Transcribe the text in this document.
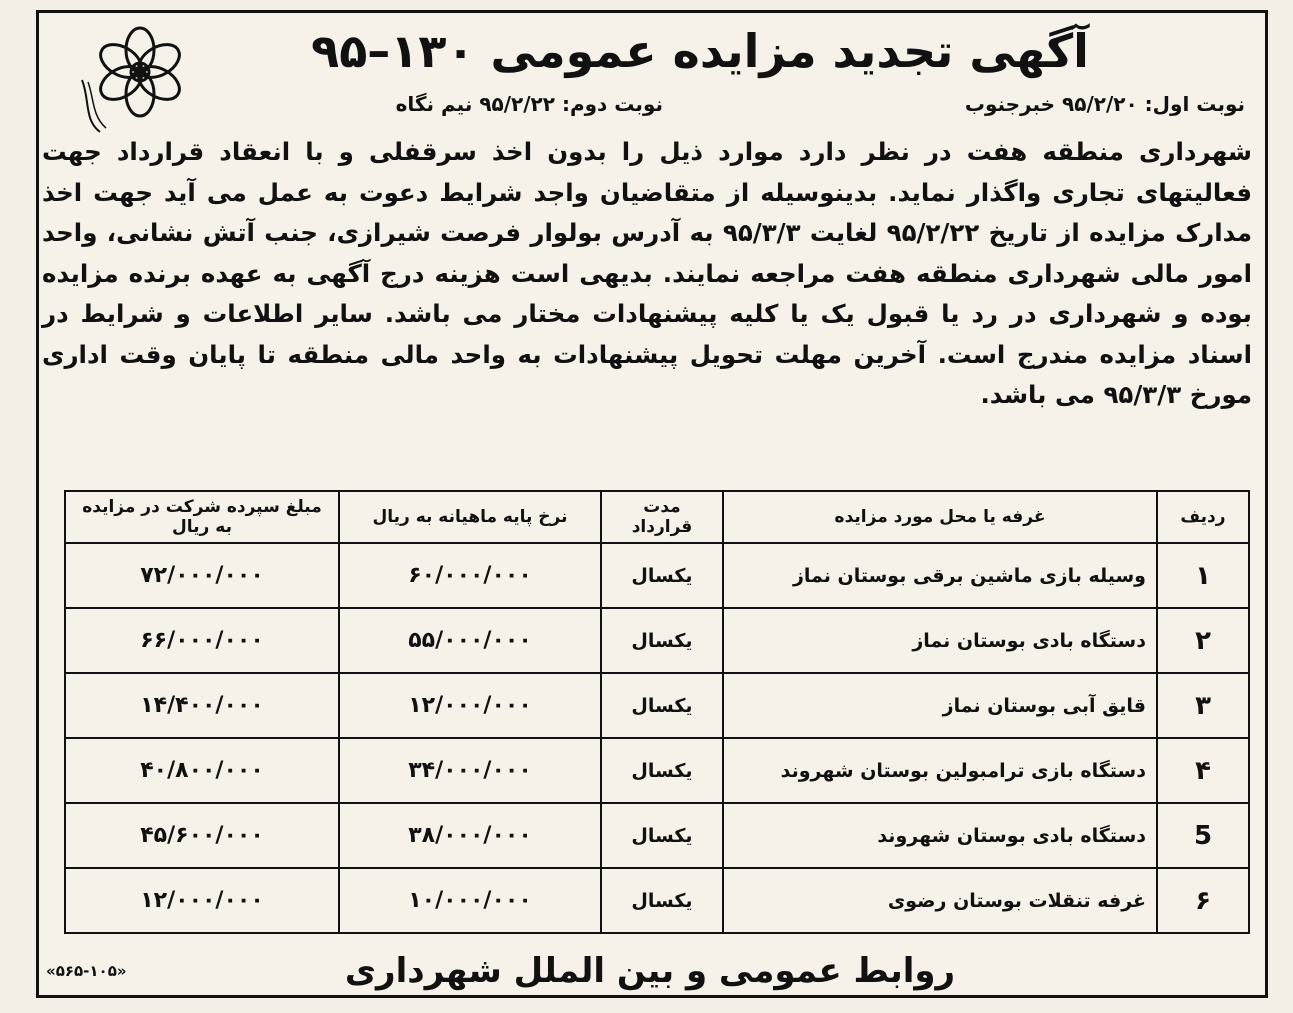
آگهی تجدید مزایده عمومی ۱۳۰–۹۵
نوبت اول: ۹۵/۲/۲۰ خبرجنوب
نوبت دوم: ۹۵/۲/۲۲ نیم نگاه
شهرداری منطقه هفت در نظر دارد موارد ذیل را بدون اخذ سرقفلی و با انعقاد قرارداد جهت فعالیتهای تجاری واگذار نماید. بدینوسیله از متقاضیان واجد شرایط دعوت به عمل می آید جهت اخذ مدارک مزایده از تاریخ ۹۵/۲/۲۲ لغایت ۹۵/۳/۳ به آدرس بولوار فرصت شیرازی، جنب آتش نشانی، واحد امور مالی شهرداری منطقه هفت مراجعه نمایند. بدیهی است هزینه درج آگهی به عهده برنده مزایده بوده و شهرداری در رد یا قبول یک یا کلیه پیشنهادات مختار می باشد. سایر اطلاعات و شرایط در اسناد مزایده مندرج است. آخرین مهلت تحویل پیشنهادات به واحد مالی منطقه تا پایان وقت اداری مورخ ۹۵/۳/۳ می باشد.
ردیف	غرفه یا محل مورد مزایده	مدت قرارداد	نرخ پایه ماهیانه به ریال	مبلغ سپرده شرکت در مزایده به ریال
۱	وسیله بازی ماشین برقی بوستان نماز	یکسال	۶۰/۰۰۰/۰۰۰	۷۲/۰۰۰/۰۰۰
۲	دستگاه بادی بوستان نماز	یکسال	۵۵/۰۰۰/۰۰۰	۶۶/۰۰۰/۰۰۰
۳	قایق آبی بوستان نماز	یکسال	۱۲/۰۰۰/۰۰۰	۱۴/۴۰۰/۰۰۰
۴	دستگاه بازی ترامبولین بوستان شهروند	یکسال	۳۴/۰۰۰/۰۰۰	۴۰/۸۰۰/۰۰۰
5	دستگاه بادی بوستان شهروند	یکسال	۳۸/۰۰۰/۰۰۰	۴۵/۶۰۰/۰۰۰
۶	غرفه تنقلات بوستان رضوی	یکسال	۱۰/۰۰۰/۰۰۰	۱۲/۰۰۰/۰۰۰
روابط عمومی و بین الملل شهرداری
«۵۶۵-۱۰۵»
